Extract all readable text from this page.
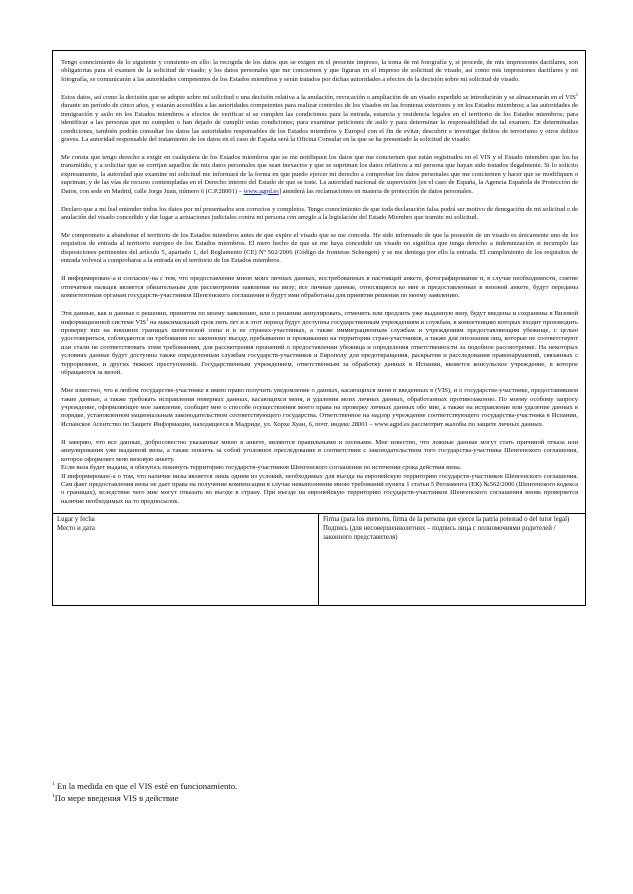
Tengo conocimiento de lo siguiente y consiento en ello: la recogida de los datos que se exigen en el presente impreso, la toma de mi fotografía y, si procede, de mis impresiones dactilares, son obligatorias para el examen de la solicitud de visado; y los datos personales que me conciernen y que figuran en el impreso de solicitud de visado, así como mis impresiones dactilares y mi fotografía, se comunicarán a las autoridades competentes de los Estados miembros y serán tratados por dichas autoridades a efectos de la decisión sobre mi solicitud de visado.

Estos datos, así como la decisión que se adopte sobre mi solicitud o una decisión relativa a la anulación, revocación o ampliación de un visado expedido se introducirán y se almacenarán en el VIS$^1$ durante un período de cinco años, y estarán accesibles a las autoridades competentes para realizar controles de los visados en las fronteras exteriores y en los Estados miembros; a las autoridades de inmigración y asilo en los Estados miembros a efectos de verificar si se cumplen las condiciones para la entrada, estancia y residencia legales en el territorio de los Estados miembros; para identificar a las personas que no cumplen o han dejado de cumplir estas condiciones; para examinar peticiones de asilo y para determinar la responsabilidad de tal examen. En determinadas condiciones, también podrán consultar los datos las autoridades responsables de los Estados miembros y Europol con el fin de evitar, descubrir e investigar delitos de terrorismo y otros delitos graves. La autoridad responsable del tratamiento de los datos en el caso de España será la Oficina Consular en la que se ha presentado la solicitud de visado.

Me consta que tengo derecho a exigir en cualquiera de los Estados miembros que se me notifiquen los datos que me conciernen que están registrados en el VIS y el Estado miembro que los ha transmitido, y a solicitar que se corrijan aquellos de mis datos personales que sean inexactos y que se supriman los datos relativos a mi persona que hayan sido tratados ilegalmente. Si lo solicito expresamente, la autoridad que examine mi solicitud me informará de la forma en que puedo ejercer mi derecho a comprobar los datos personales que me conciernen y hacer que se modifiquen o supriman, y de las vías de recurso contempladas en el Derecho interno del Estado de que se trate. La autoridad nacional de supervisión [en el caso de España, la Agencia Española de Protección de Datos, con sede en Madrid, calle Jorge Juan, número 6 (C.P.28001) – www.agpd.es] atenderá las reclamaciones en materia de protección de datos personales.

Declaro que a mi leal entender todos los datos por mí presentados son correctos y completos. Tengo conocimiento de que toda declaración falsa podrá ser motivo de denegación de mi solicitud o de anulación del visado concedido y dar lugar a actuaciones judiciales contra mi persona con arreglo a la legislación del Estado Miembro que tramite mi solicitud.

Me comprometo a abandonar el territorio de los Estados miembros antes de que expire el visado que se me conceda. He sido informado de que la posesión de un visado es únicamente uno de los requisitos de entrada al territorio europeo de los Estados miembros. El mero hecho de que se me haya concedido un visado no significa que tenga derecho a indemnización si incumplo las disposiciones pertinentes del artículo 5, apartado 1, del Reglamento (CE) Nº 562/2006 (Código de fronteras Schengen) y se me deniega por ello la entrada. El cumplimiento de los requisitos de entrada volverá a comprobarse a la entrada en el territorio de los Estados miembros.

Я информирован/-а и согласен/-на с тем, что предоставление мною моих личных данных, востребованных в настоящей анкете, фотографирование и, в случае необходимости, снятие отпечатков пальцев является обязательным для рассмотрения заявления на визу; все личные данные, относящиеся ко мне и предоставленные в визовой анкете, будут переданы компетентным органам государств-участников Шенгенского соглашения и будут ими обработаны для принятия решения по моему заявлению.

Эти данные, как и данные о решении, принятом по моему заявлению, или о решении аннулировать, отменить или продлить уже выданную визу, будут введены и сохранены в Визовой информационной системе VIS$^1$ на максимальный срок пять лет и в этот период будут доступны государственным учреждениям и службам, в компетенцию которых входит производить проверку виз на внешних границах шенгенской зоны и в ее странах-участниках, а также иммиграционным службам и учреждениям предоставляющим убежище, с целью удостовериться, соблюдаются ли требования по законному въезду, пребыванию и проживанию на территории стран-участников, а также для опознания лиц, которые не соответствуют или стали не соответствовать этим требованиям, для рассмотрения прошений о предоставлении убежища и определения ответственности за подобное рассмотрение. На некоторых условиях данные будут доступны также определенным службам государств-участников и Европолу для предотвращения, раскрытия и расследования правонарушений, связанных с терроризмом, и других тяжких преступлений. Государственным учреждением, ответственным за обработку данных в Испании, является консульское учреждение, в которое обращаются за визой.

Мне известно, что в любом государстве-участнике я имею право получить уведомление о данных, касающихся меня и введенных в (VIS), и о государстве-участнике, предоставившем такие данные, а также требовать исправления неверных данных, касающихся меня, и удаления моих личных данных, обработанных противозаконно. По моему особому запросу учреждение, оформляющее мое заявление, сообщит мне о способе осуществления моего права на проверку личных данных обо мне, а также на исправление или удаление данных в порядке, установленном национальным законодательством соответствующего государства. Ответственное на надзор учреждение соответствующего государства-участника в Испании, Испанское Агентство по Защите Информации, находящееся в Мадриде, ул. Хорхе Хуан, 6, почт. индекс 28001 – www.agpd.es рассмотрит жалобы по защите личных данных.

Я заверяю, что все данные, добросовестно указанные мною в анкете, являются правильными и полными. Мне известно, что ложные данные могут стать причиной отказа или аннулирования уже выданной визы, а также повлечь за собой уголовное преследование в соответствии с законодательством того государства-участника Шенгенского соглашения, которое оформляет мою визовую анкету.
Если виза будет выдана, я обязуюсь покинуть территорию государств-участников Шенгенского соглашения по истечении срока действия визы.
Я информирован/-а о том, что наличие визы является лишь одним из условий, необходимых для въезда на европейскую территорию государств-участников Шенгенского соглашения. Сам факт предоставления визы не дает права на получение компенсации в случае невыполнения мною требований пункта 1 статьи 5 Регламента (ЕК) №562/2006 (Шенгенского кодекса о границах), вследствие чего мне могут отказать во въезде в страну. При въезде на европейскую территорию государств-участников Шенгенского соглашения вновь проверяется наличие необходимых на то предпосылок.

Lugar y fecha
Место и дата
Firma (para los menores, firma de la persona que ejerce la patria potestad o del tutor legal) Подпись (для несовершеннолетних – подпись лица с полномочиями родителей / законного представителя)
$^1$ En la medida en que el VIS esté en funcionamiento.
$^1$По мере введения VIS в действие
